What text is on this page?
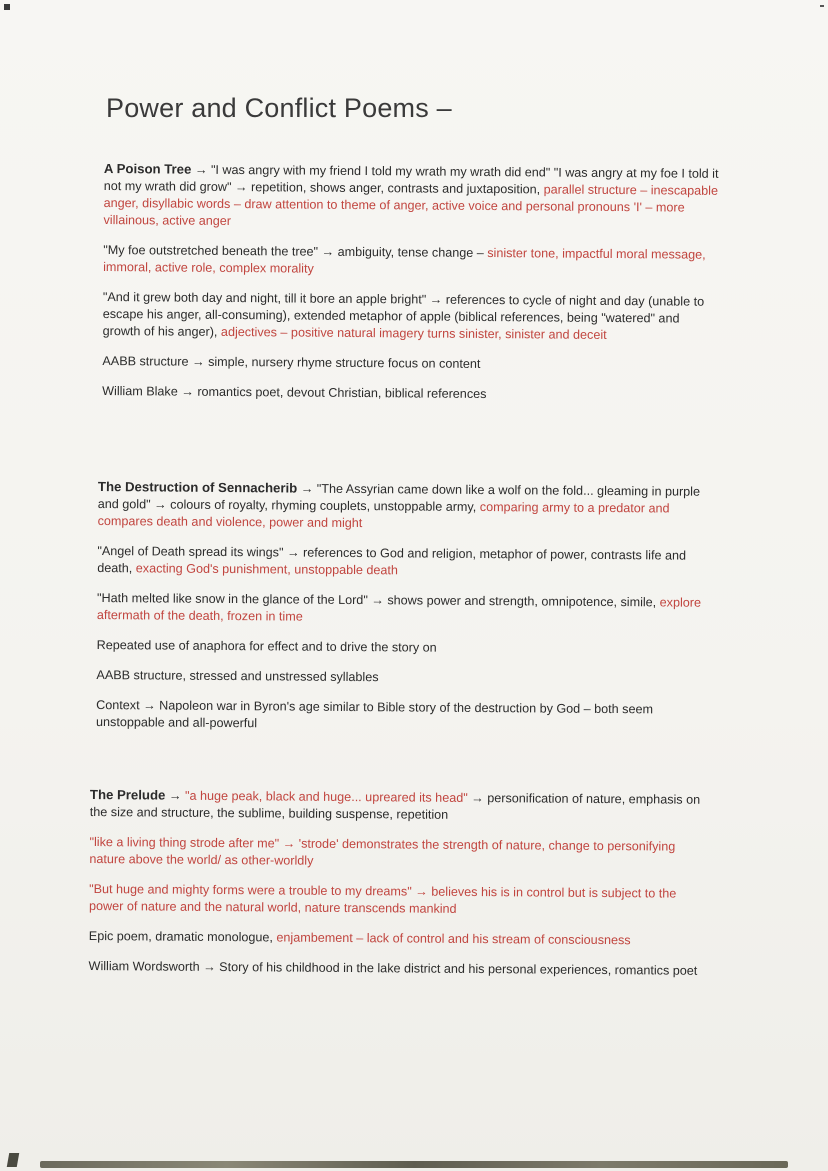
Power and Conflict Poems –

A Poison Tree → "I was angry with my friend I told my wrath my wrath did end" "I was angry at my foe I told it not my wrath did grow" → repetition, shows anger, contrasts and juxtaposition, parallel structure – inescapable anger, disyllabic words – draw attention to theme of anger, active voice and personal pronouns 'I' – more villainous, active anger

"My foe outstretched beneath the tree" → ambiguity, tense change – sinister tone, impactful moral message, immoral, active role, complex morality

"And it grew both day and night, till it bore an apple bright" → references to cycle of night and day (unable to escape his anger, all-consuming), extended metaphor of apple (biblical references, being "watered" and growth of his anger), adjectives – positive natural imagery turns sinister, sinister and deceit

AABB structure → simple, nursery rhyme structure focus on content

William Blake → romantics poet, devout Christian, biblical references

The Destruction of Sennacherib → "The Assyrian came down like a wolf on the fold... gleaming in purple and gold" → colours of royalty, rhyming couplets, unstoppable army, comparing army to a predator and compares death and violence, power and might

"Angel of Death spread its wings" → references to God and religion, metaphor of power, contrasts life and death, exacting God's punishment, unstoppable death

"Hath melted like snow in the glance of the Lord" → shows power and strength, omnipotence, simile, explore aftermath of the death, frozen in time

Repeated use of anaphora for effect and to drive the story on

AABB structure, stressed and unstressed syllables

Context → Napoleon war in Byron's age similar to Bible story of the destruction by God – both seem unstoppable and all-powerful

The Prelude → "a huge peak, black and huge... upreared its head" → personification of nature, emphasis on the size and structure, the sublime, building suspense, repetition

"like a living thing strode after me" → 'strode' demonstrates the strength of nature, change to personifying nature above the world/ as other-worldly

"But huge and mighty forms were a trouble to my dreams" → believes his is in control but is subject to the power of nature and the natural world, nature transcends mankind

Epic poem, dramatic monologue, enjambement – lack of control and his stream of consciousness

William Wordsworth → Story of his childhood in the lake district and his personal experiences, romantics poet
